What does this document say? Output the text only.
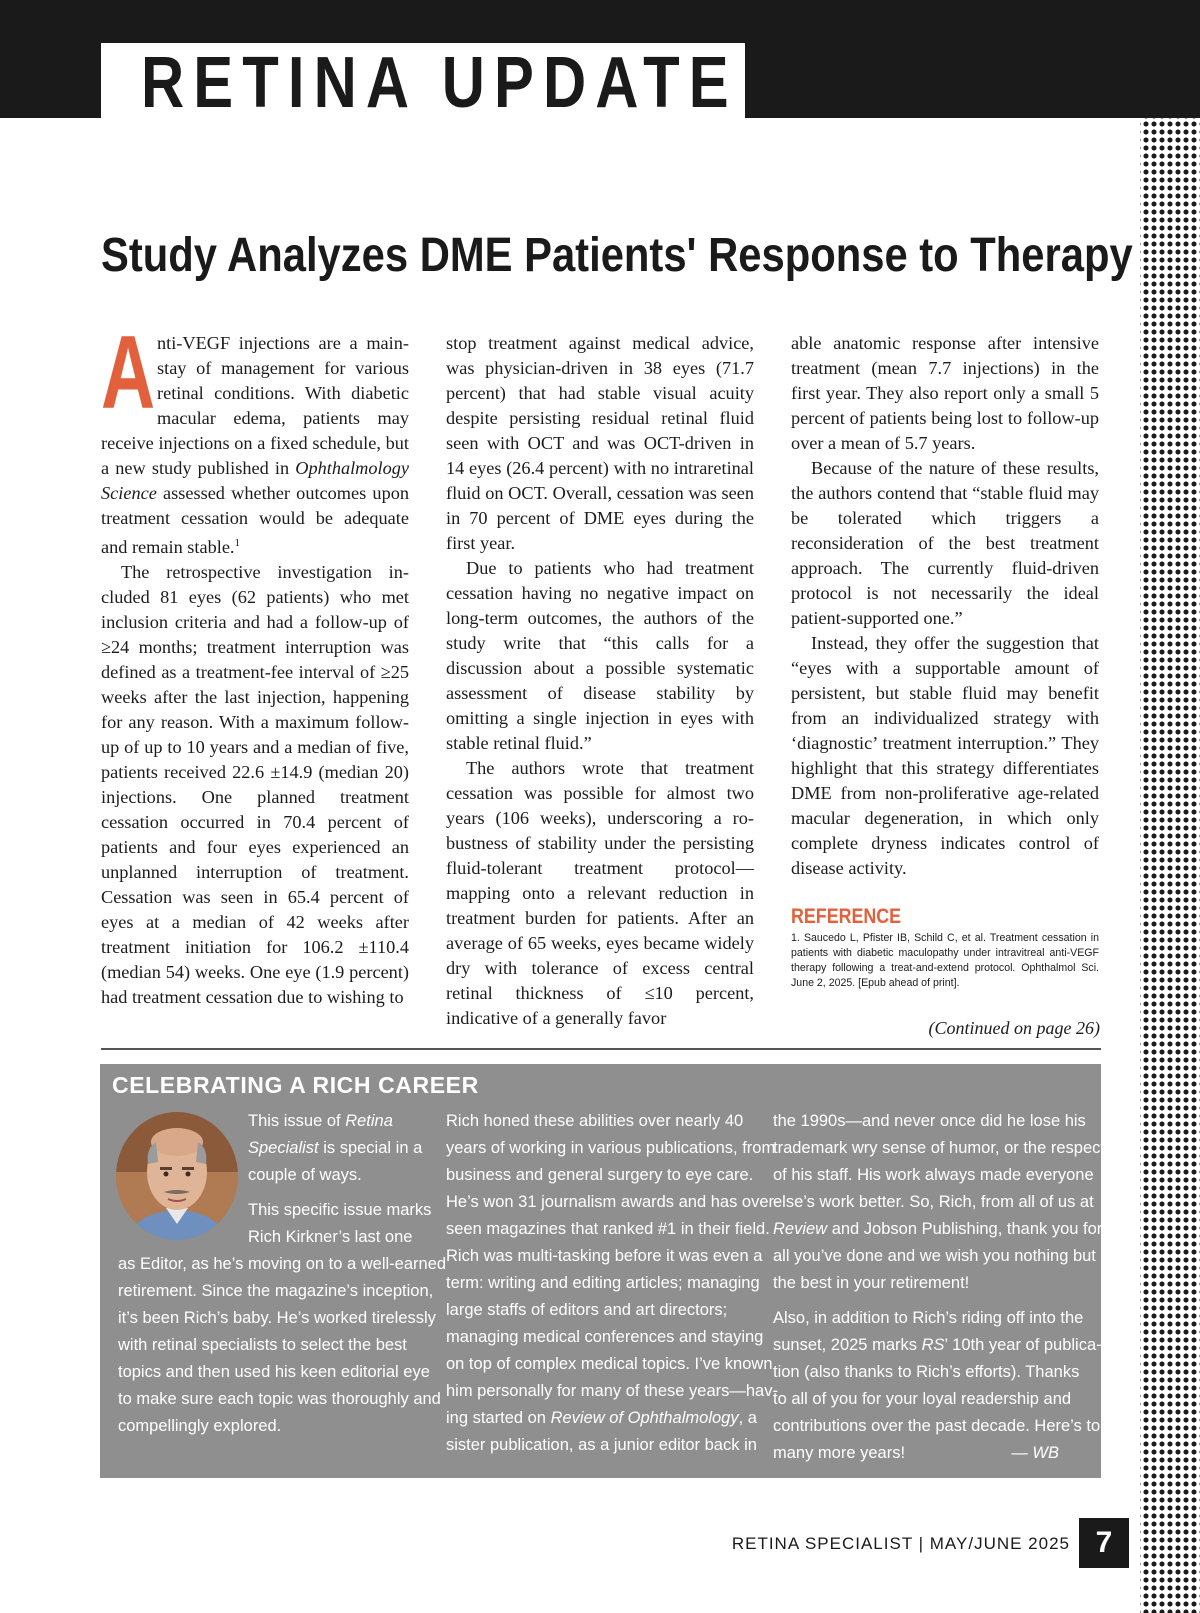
RETINA UPDATE
Study Analyzes DME Patients' Response to Therapy

Anti-VEGF injections are a mainstay of management for various retinal conditions. With diabetic macular edema, patients may receive injections on a fixed schedule, but a new study published in Ophthalmology Science assessed whether outcomes upon treatment cessation would be adequate and remain stable.$^1$

The retrospective investigation included 81 eyes (62 patients) who met inclusion criteria and had a follow-up of ≥24 months; treatment interruption was defined as a treatment-fee interval of ≥25 weeks after the last injection, happening for any reason. With a maximum follow-up of up to 10 years and a median of five, patients received 22.6 ±14.9 (median 20) injections. One planned treatment cessation occurred in 70.4 percent of patients and four eyes experienced an unplanned interruption of treatment. Cessation was seen in 65.4 percent of eyes at a median of 42 weeks after treatment initiation for 106.2 ±110.4 (median 54) weeks. One eye (1.9 percent) had treatment cessation due to wishing to

stop treatment against medical advice, was physician-driven in 38 eyes (71.7 percent) that had stable visual acuity despite persisting residual retinal fluid seen with OCT and was OCT-driven in 14 eyes (26.4 percent) with no intraretinal fluid on OCT. Overall, cessation was seen in 70 percent of DME eyes during the first year.

Due to patients who had treatment cessation having no negative impact on long-term outcomes, the authors of the study write that “this calls for a discussion about a possible systematic assessment of disease stability by omitting a single injection in eyes with stable retinal fluid.”

The authors wrote that treatment cessation was possible for almost two years (106 weeks), underscoring a robustness of stability under the persisting fluid-tolerant treatment protocol— mapping onto a relevant reduction in treatment burden for patients. After an average of 65 weeks, eyes became widely dry with tolerance of excess central retinal thickness of ≤10 percent, indicative of a generally favor

able anatomic response after intensive treatment (mean 7.7 injections) in the first year. They also report only a small 5 percent of patients being lost to follow-up over a mean of 5.7 years.

Because of the nature of these results, the authors contend that “stable fluid may be tolerated which triggers a reconsideration of the best treatment approach. The currently fluid-driven protocol is not necessarily the ideal patient-supported one.”

Instead, they offer the suggestion that “eyes with a supportable amount of persistent, but stable fluid may benefit from an individualized strategy with ‘diagnostic’ treatment interruption.” They highlight that this strategy differentiates DME from non-proliferative age-related macular degeneration, in which only complete dryness indicates control of disease activity.

REFERENCE
1. Saucedo L, Pfister IB, Schild C, et al. Treatment cessation in patients with diabetic maculopathy under intravitreal anti-VEGF therapy following a treat-and-extend protocol. Ophthalmol Sci. June 2, 2025. [Epub ahead of print].
(Continued on page 26)
CELEBRATING A RICH CAREER
This issue of Retina
Specialist is special in a
couple of ways.
This specific issue marks
Rich Kirkner’s last one
as Editor, as he’s moving on to a well-earned
retirement. Since the magazine’s inception,
it’s been Rich’s baby. He’s worked tirelessly
with retinal specialists to select the best
topics and then used his keen editorial eye
to make sure each topic was thoroughly and
compellingly explored.
Rich honed these abilities over nearly 40
years of working in various publications, from
business and general surgery to eye care.
He’s won 31 journalism awards and has over-
seen magazines that ranked #1 in their field.
Rich was multi-tasking before it was even a
term: writing and editing articles; managing
large staffs of editors and art directors;
managing medical conferences and staying
on top of complex medical topics. I’ve known
him personally for many of these years—hav-
ing started on Review of Ophthalmology, a
sister publication, as a junior editor back in
the 1990s—and never once did he lose his
trademark wry sense of humor, or the respect
of his staff. His work always made everyone
else’s work better. So, Rich, from all of us at
Review and Jobson Publishing, thank you for
all you’ve done and we wish you nothing but
the best in your retirement!
Also, in addition to Rich’s riding off into the
sunset, 2025 marks RS’ 10th year of publica-
tion (also thanks to Rich’s efforts). Thanks
to all of you for your loyal readership and
contributions over the past decade. Here’s to
many more years!	— WB
RETINA SPECIALIST | MAY/JUNE 2025 7
